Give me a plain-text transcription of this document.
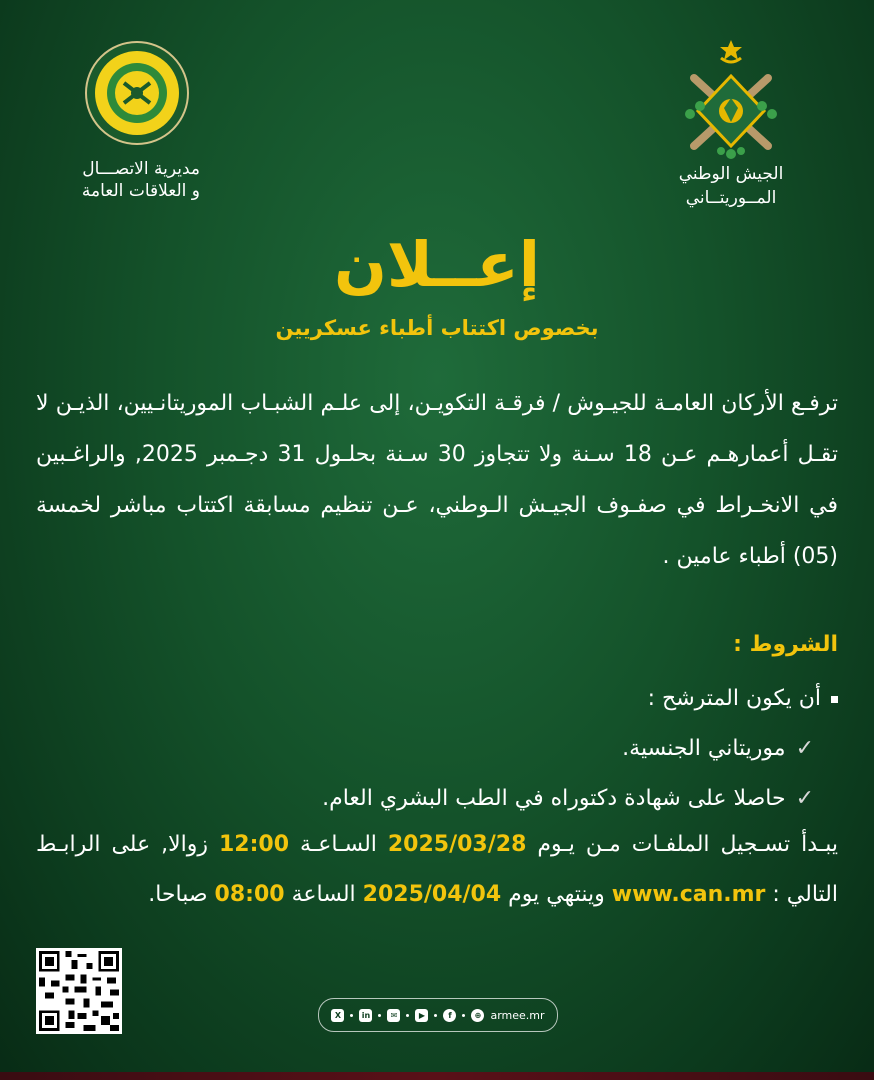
الجيش الوطني
المــوريتــاني
مديرية الاتصـــال
و العلاقات العامة
إعــلان
بخصوص اكتتاب أطباء عسكريين
ترفـع الأركان العامـة للجيـوش / فرقـة التكويـن، إلى علـم الشبـاب الموريتانـيين، الذيـن لا تقـل أعمارهـم عـن 18 سـنة ولا تتجاوز 30 سـنة بحلـول 31 دجـمبر 2025, والراغـبين في الانخـراط في صفـوف الجيـش الـوطني، عـن تنظيم مسابقة اكتتاب مباشر لخمسة (05) أطباء عامين .
الشروط :
أن يكون المترشح :
✓موريتاني الجنسية.
✓حاصلا على شهادة دكتوراه في الطب البشري العام.
يبـدأ تسـجيل الملفـات مـن يـوم 2025/03/28 السـاعـة 12:00 زوالا, على الرابـط
التالي : www.can.mr وينتهي يوم 2025/04/04 الساعة 08:00 صباحا.
X	in	✉	▶	f	⊕ armee.mr
